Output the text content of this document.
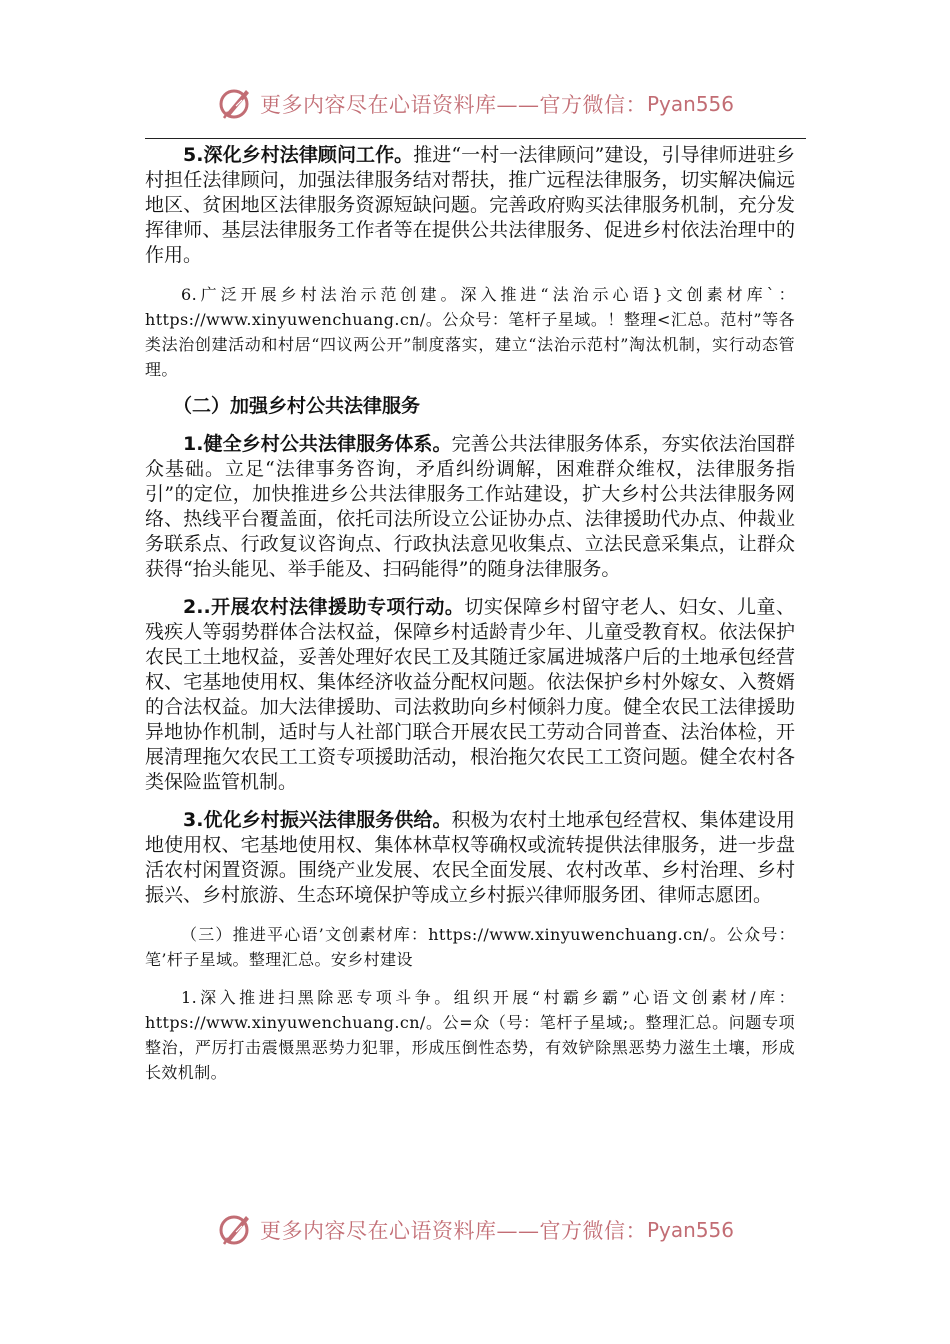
更多内容尽在心语资料库——官方微信： Pyan556

5.深化乡村法律顾问工作。推进“一村一法律顾问”建设，引导律师进驻乡村担任法律顾问，加强法律服务结对帮扶，推广远程法律服务，切实解决偏远地区、贫困地区法律服务资源短缺问题。完善政府购买法律服务机制，充分发挥律师、基层法律服务工作者等在提供公共法律服务、促进乡村依法治理中的作用。

6.广泛开展乡村法治示范创建。深入推进“法治示心语}文创素材库`：https://www.xinyuwenchuang.cn/。公众号：笔杆子星域。！整理<汇总。范村”等各类法治创建活动和村居“四议两公开”制度落实，建立“法治示范村”淘汰机制，实行动态管理。

（二）加强乡村公共法律服务

1.健全乡村公共法律服务体系。完善公共法律服务体系，夯实依法治国群众基础。立足“法律事务咨询，矛盾纠纷调解，困难群众维权，法律服务指引”的定位，加快推进乡公共法律服务工作站建设，扩大乡村公共法律服务网络、热线平台覆盖面，依托司法所设立公证协办点、法律援助代办点、仲裁业务联系点、行政复议咨询点、行政执法意见收集点、立法民意采集点，让群众获得“抬头能见、举手能及、扫码能得”的随身法律服务。

2..开展农村法律援助专项行动。切实保障乡村留守老人、妇女、儿童、残疾人等弱势群体合法权益，保障乡村适龄青少年、儿童受教育权。依法保护农民工土地权益，妥善处理好农民工及其随迁家属进城落户后的土地承包经营权、宅基地使用权、集体经济收益分配权问题。依法保护乡村外嫁女、入赘婿的合法权益。加大法律援助、司法救助向乡村倾斜力度。健全农民工法律援助异地协作机制，适时与人社部门联合开展农民工劳动合同普查、法治体检，开展清理拖欠农民工工资专项援助活动，根治拖欠农民工工资问题。健全农村各类保险监管机制。

3.优化乡村振兴法律服务供给。积极为农村土地承包经营权、集体建设用地使用权、宅基地使用权、集体林草权等确权或流转提供法律服务，进一步盘活农村闲置资源。围绕产业发展、农民全面发展、农村改革、乡村治理、乡村振兴、乡村旅游、生态环境保护等成立乡村振兴律师服务团、律师志愿团。

（三）推进平心语’文创素材库：https://www.xinyuwenchuang.cn/。公众号：笔’杆子星域。整理汇总。安乡村建设

1.深入推进扫黑除恶专项斗争。组织开展“村霸乡霸”心语文创素材/库：https://www.xinyuwenchuang.cn/。公=众（号：笔杆子星域;。整理汇总。问题专项整治，严厉打击震慑黑恶势力犯罪，形成压倒性态势，有效铲除黑恶势力滋生土壤，形成长效机制。

更多内容尽在心语资料库——官方微信： Pyan556
